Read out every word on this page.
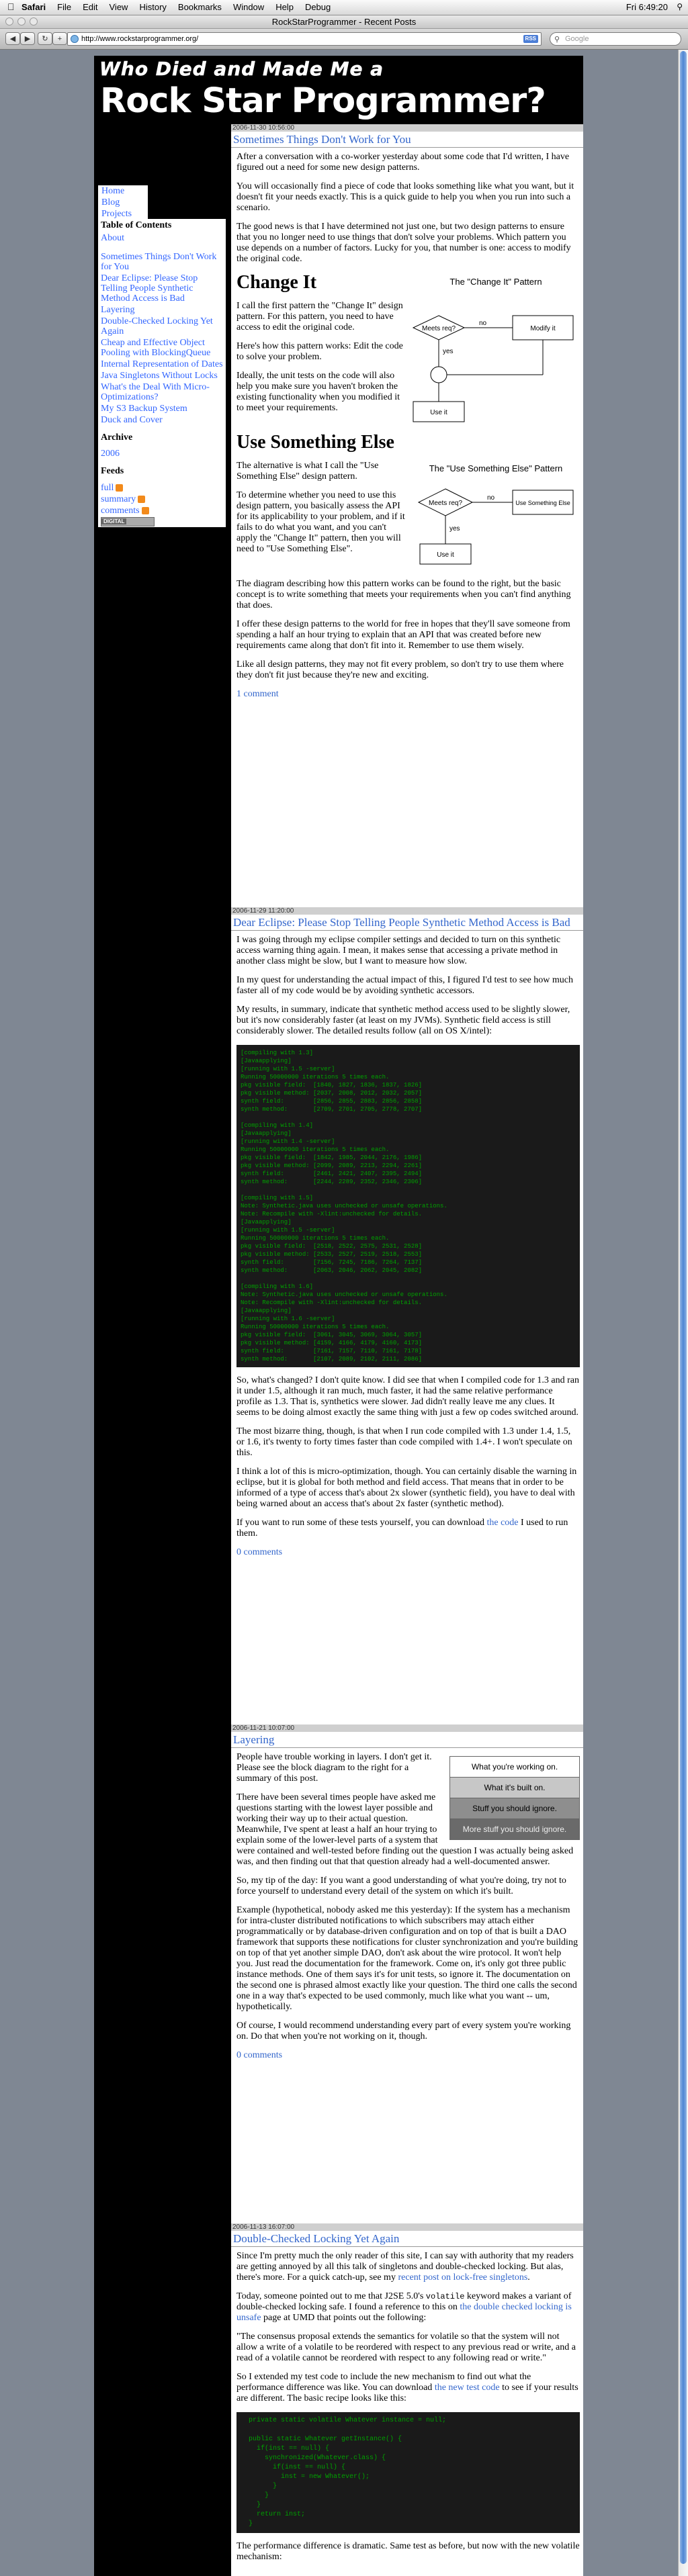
Safari File Edit View History Bookmarks Window Help Debug	Fri 6:49:20 ⚲
RockStarProgrammer - Recent Posts
◀	▶	↻	+	http://www.rockstarprogrammer.org/	RSS ⚲ Google
Who Died and Made Me a
Rock Star Programmer?
Home
Blog
Projects
Table of Contents
About
Sometimes Things Don't Work for You
Dear Eclipse: Please Stop Telling People Synthetic Method Access is Bad
Layering
Double-Checked Locking Yet Again
Cheap and Effective Object Pooling with BlockingQueue
Internal Representation of Dates
Java Singletons Without Locks
What's the Deal With Micro-Optimizations?
My S3 Backup System
Duck and Cover
Archive
2006
Feeds
full
summary
comments
DIGITAL
2006-11-30 10:56:00
Sometimes Things Don't Work for You

After a conversation with a co-worker yesterday about some code that I'd written, I have figured out a need for some new design patterns.

You will occasionally find a piece of code that looks something like what you want, but it doesn't fit your needs exactly. This is a quick guide to help you when you run into such a scenario.

The good news is that I have determined not just one, but two design patterns to ensure that you no longer need to use things that don't solve your problems. Which pattern you use depends on a number of factors. Lucky for you, that number is one: access to modify the original code.

Change It	The "Change It" Pattern
Meets req?
no
Modify it
yes
Use it

I call the first pattern the "Change It" design pattern. For this pattern, you need to have access to edit the original code.

Here's how this pattern works: Edit the code to solve your problem.

Ideally, the unit tests on the code will also help you make sure you haven't broken the existing functionality when you modified it to meet your requirements.

Use Something Else
The "Use Something Else" Pattern
Meets req?
no
Use Something Else
yes
Use it

The alternative is what I call the "Use Something Else" design pattern.

To determine whether you need to use this design pattern, you basically assess the API for its applicability to your problem, and if it fails to do what you want, and you can't apply the "Change It" pattern, then you will need to "Use Something Else".

The diagram describing how this pattern works can be found to the right, but the basic concept is to write something that meets your requirements when you can't find anything that does.

I offer these design patterns to the world for free in hopes that they'll save someone from spending a half an hour trying to explain that an API that was created before new requirements came along that don't fit into it. Remember to use them wisely.

Like all design patterns, they may not fit every problem, so don't try to use them where they don't fit just because they're new and exciting.

1 comment

2006-11-29 11:20:00
Dear Eclipse: Please Stop Telling People Synthetic Method Access is Bad

I was going through my eclipse compiler settings and decided to turn on this synthetic access warning thing again. I mean, it makes sense that accessing a private method in another class might be slow, but I want to measure how slow.

In my quest for understanding the actual impact of this, I figured I'd test to see how much faster all of my code would be by avoiding synthetic accessors.

My results, in summary, indicate that synthetic method access used to be slightly slower, but it's now considerably faster (at least on my JVMs). Synthetic field access is still considerably slower. The detailed results follow (all on OS X/intel):

[compiling with 1.3]
[Javaapplying]
[running with 1.5 -server]
Running 50000000 iterations 5 times each.
pkg visible field:  [1840, 1827, 1836, 1837, 1826]
pkg visible method: [2037, 2008, 2012, 2032, 2057]
synth field:        [2856, 2855, 2883, 2856, 2858]
synth method:       [2709, 2701, 2705, 2778, 2707]

[compiling with 1.4]
[Javaapplying]
[running with 1.4 -server]
Running 50000000 iterations 5 times each.
pkg visible field:  [1842, 1985, 2044, 2176, 1986]
pkg visible method: [2099, 2089, 2213, 2294, 2261]
synth field:        [2461, 2421, 2407, 2395, 2494]
synth method:       [2244, 2289, 2352, 2346, 2306]

[compiling with 1.5]
Note: Synthetic.java uses unchecked or unsafe operations.
Note: Recompile with -Xlint:unchecked for details.
[Javaapplying]
[running with 1.5 -server]
Running 50000000 iterations 5 times each.
pkg visible field:  [2518, 2522, 2575, 2531, 2528]
pkg visible method: [2533, 2527, 2519, 2518, 2553]
synth field:        [7156, 7245, 7186, 7264, 7137]
synth method:       [2063, 2046, 2062, 2045, 2082]

[compiling with 1.6]
Note: Synthetic.java uses unchecked or unsafe operations.
Note: Recompile with -Xlint:unchecked for details.
[Javaapplying]
[running with 1.6 -server]
Running 50000000 iterations 5 times each.
pkg visible field:  [3061, 3045, 3069, 3064, 3057]
pkg visible method: [4159, 4166, 4179, 4160, 4173]
synth field:        [7161, 7157, 7110, 7161, 7178]
synth method:       [2107, 2089, 2102, 2111, 2086]

So, what's changed? I don't quite know. I did see that when I compiled code for 1.3 and ran it under 1.5, although it ran much, much faster, it had the same relative performance profile as 1.3. That is, synthetics were slower. Jad didn't really leave me any clues. It seems to be doing almost exactly the same thing with just a few op codes switched around.

The most bizarre thing, though, is that when I run code compiled with 1.3 under 1.4, 1.5, or 1.6, it's twenty to forty times faster than code compiled with 1.4+. I won't speculate on this.

I think a lot of this is micro-optimization, though. You can certainly disable the warning in eclipse, but it is global for both method and field access. That means that in order to be informed of a type of access that's about 2x slower (synthetic field), you have to deal with being warned about an access that's about 2x faster (synthetic method).

If you want to run some of these tests yourself, you can download the code I used to run them.

0 comments

2006-11-21 10:07:00
Layering
What you're working on.
What it's built on.
Stuff you should ignore.
More stuff you should ignore.

People have trouble working in layers. I don't get it. Please see the block diagram to the right for a summary of this post.

There have been several times people have asked me questions starting with the lowest layer possible and working their way up to their actual question. Meanwhile, I've spent at least a half an hour trying to explain some of the lower-level parts of a system that were contained and well-tested before finding out the question I was actually being asked was, and then finding out that that question already had a well-documented answer.

So, my tip of the day: If you want a good understanding of what you're doing, try not to force yourself to understand every detail of the system on which it's built.

Example (hypothetical, nobody asked me this yesterday): If the system has a mechanism for intra-cluster distributed notifications to which subscribers may attach either programmatically or by database-driven configuration and on top of that is built a DAO framework that supports these notifications for cluster synchronization and you're building on top of that yet another simple DAO, don't ask about the wire protocol. It won't help you. Just read the documentation for the framework. Come on, it's only got three public instance methods. One of them says it's for unit tests, so ignore it. The documentation on the second one is phrased almost exactly like your question. The third one calls the second one in a way that's expected to be used commonly, much like what you want -- um, hypothetically.

Of course, I would recommend understanding every part of every system you're working on. Do that when you're not working on it, though.

0 comments

2006-11-13 16:07:00
Double-Checked Locking Yet Again

Since I'm pretty much the only reader of this site, I can say with authority that my readers are getting annoyed by all this talk of singletons and double-checked locking. But alas, there's more. For a quick catch-up, see my recent post on lock-free singletons.

Today, someone pointed out to me that J2SE 5.0's volatile keyword makes a variant of double-checked locking safe. I found a reference to this on the double checked locking is unsafe page at UMD that points out the following:

"The consensus proposal extends the semantics for volatile so that the system will not allow a write of a volatile to be reordered with respect to any previous read or write, and a read of a volatile cannot be reordered with respect to any following read or write."

So I extended my test code to include the new mechanism to find out what the performance difference was like. You can download the new test code to see if your results are different. The basic recipe looks like this:

private static volatile Whatever instance = null;

public static Whatever getInstance() {
if(inst == null) {
synchronized(Whatever.class) {
if(inst == null) {
inst = new Whatever();
}
}
}
return inst;
}

The performance difference is dramatic. Same test as before, but now with the new volatile mechanism:
